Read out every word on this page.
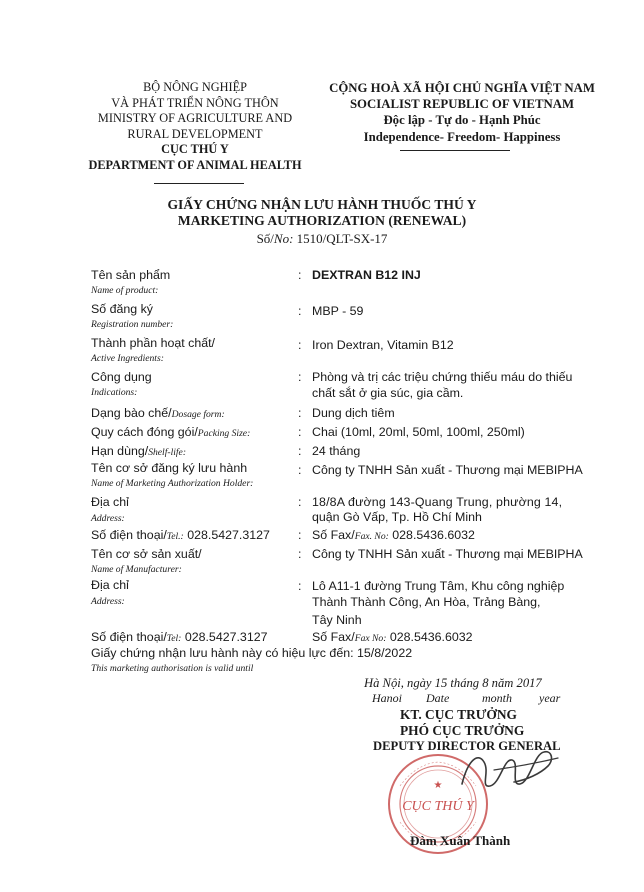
BỘ NÔNG NGHIỆP
VÀ PHÁT TRIỂN NÔNG THÔN
MINISTRY OF AGRICULTURE AND
RURAL DEVELOPMENT
CỤC THÚ Y
DEPARTMENT OF ANIMAL HEALTH
CỘNG HOÀ XÃ HỘI CHỦ NGHĨA VIỆT NAM
SOCIALIST REPUBLIC OF VIETNAM
Độc lập - Tự do - Hạnh Phúc
Independence- Freedom- Happiness
GIẤY CHỨNG NHẬN LƯU HÀNH THUỐC THÚ Y
MARKETING AUTHORIZATION (RENEWAL)
Số/No: 1510/QLT-SX-17
Tên sản phẩm
Name of product:
: DEXTRAN B12 INJ
Số đăng ký
Registration number:
: MBP - 59
Thành phần hoạt chất/
Active Ingredients:
: Iron Dextran, Vitamin B12
Công dụng
Indications:
: Phòng và trị các triệu chứng thiếu máu do thiếu
chất sắt ở gia súc, gia cầm.
Dạng bào chế/Dosage form:	: Dung dịch tiêm
Quy cách đóng gói/Packing Size:	: Chai (10ml, 20ml, 50ml, 100ml, 250ml)
Hạn dùng/Shelf-life:	: 24 tháng
Tên cơ sở đăng ký lưu hành
Name of Marketing Authorization Holder:
: Công ty TNHH Sản xuất - Thương mại MEBIPHA
Địa chỉ
Address:
: 18/8A đường 143-Quang Trung, phường 14,
quận Gò Vấp, Tp. Hồ Chí Minh
Số điện thoại/Tel.: 028.5427.3127 : Số Fax/Fax. No: 028.5436.6032
Tên cơ sở sản xuất/
Name of Manufacturer:
: Công ty TNHH Sản xuất - Thương mại MEBIPHA
Địa chỉ
Address:
: Lô A11-1 đường Trung Tâm, Khu công nghiệp
Thành Thành Công, An Hòa, Trảng Bàng,
Tây Ninh
Số điện thoại/Tel: 028.5427.3127	Số Fax/Fax No: 028.5436.6032
Giấy chứng nhận lưu hành này có hiệu lực đến: 15/8/2022
This marketing authorisation is valid until
Hà Nội, ngày 15 tháng 8 năm 2017
Hanoi Date	month year
KT. CỤC TRƯỞNG
PHÓ CỤC TRƯỞNG
DEPUTY DIRECTOR GENERAL
★
CỤC THÚ Y
Đàm Xuân Thành
